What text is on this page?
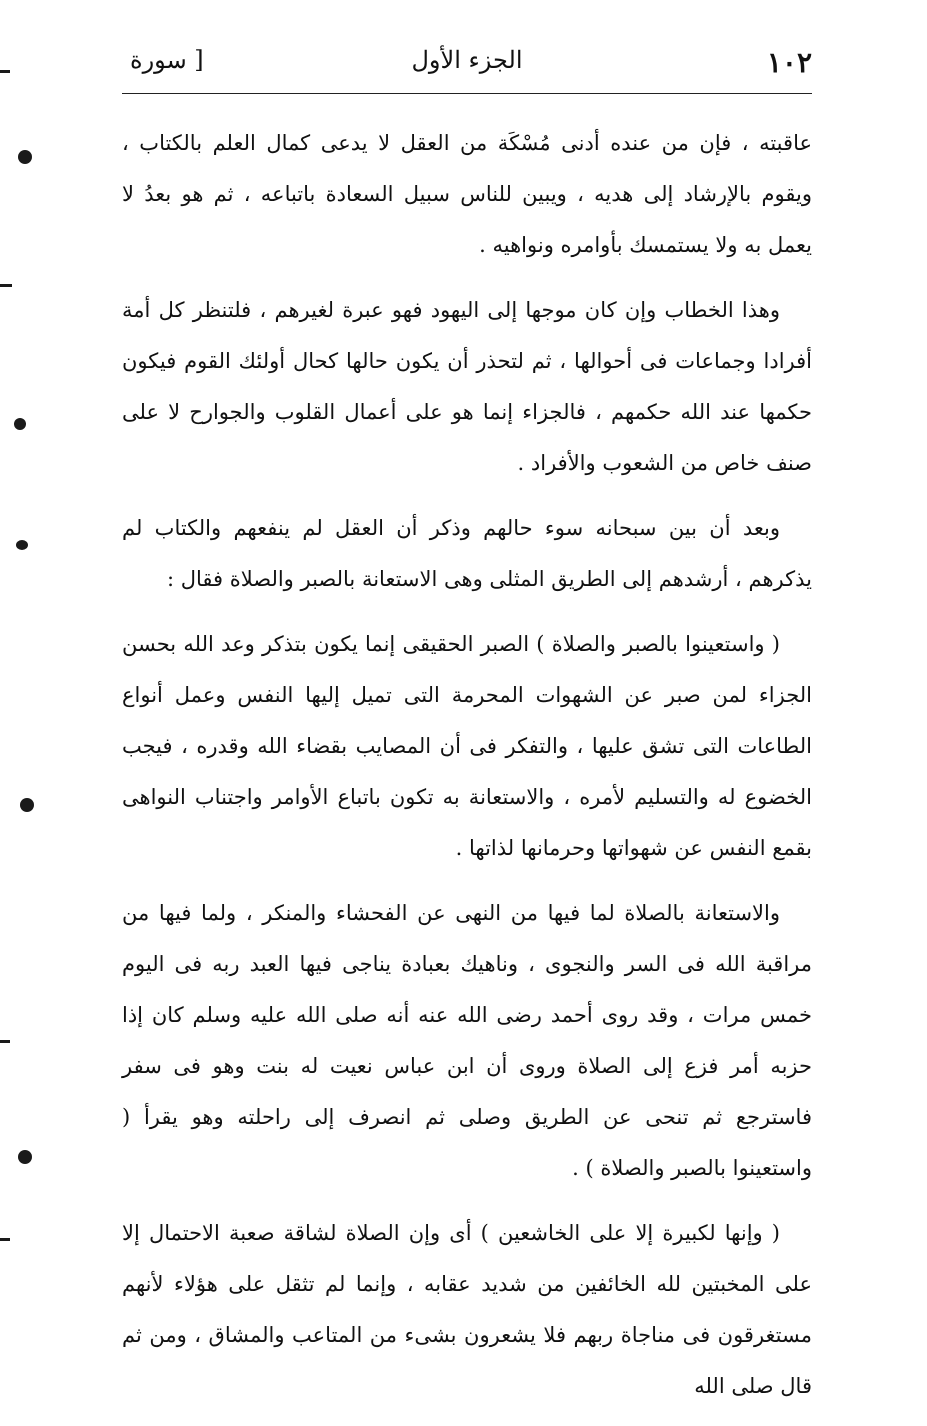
١٠٢
الجزء الأول
[ سورة

عاقبته ، فإن من عنده أدنى مُسْكَة من العقل لا يدعى كمال العلم بالكتاب ، ويقوم بالإرشاد إلى هديه ، ويبين للناس سبيل السعادة باتباعه ، ثم هو بعدُ لا يعمل به ولا يستمسك بأوامره ونواهيه .

وهذا الخطاب وإن كان موجها إلى اليهود فهو عبرة لغيرهم ، فلتنظر كل أمة أفرادا وجماعات فى أحوالها ، ثم لتحذر أن يكون حالها كحال أولئك القوم فيكون حكمها عند الله حكمهم ، فالجزاء إنما هو على أعمال القلوب والجوارح لا على صنف خاص من الشعوب والأفراد .

وبعد أن بين سبحانه سوء حالهم وذكر أن العقل لم ينفعهم والكتاب لم يذكرهم ، أرشدهم إلى الطريق المثلى وهى الاستعانة بالصبر والصلاة فقال :

( واستعينوا بالصبر والصلاة ) الصبر الحقيقى إنما يكون بتذكر وعد الله بحسن الجزاء لمن صبر عن الشهوات المحرمة التى تميل إليها النفس وعمل أنواع الطاعات التى تشق عليها ، والتفكر فى أن المصايب بقضاء الله وقدره ، فيجب الخضوع له والتسليم لأمره ، والاستعانة به تكون باتباع الأوامر واجتناب النواهى بقمع النفس عن شهواتها وحرمانها لذاتها .

والاستعانة بالصلاة لما فيها من النهى عن الفحشاء والمنكر ، ولما فيها من مراقبة الله فى السر والنجوى ، وناهيك بعبادة يناجى فيها العبد ربه فى اليوم خمس مرات ، وقد روى أحمد رضى الله عنه أنه صلى الله عليه وسلم كان إذا حزبه أمر فزع إلى الصلاة وروى أن ابن عباس نعيت له بنت وهو فى سفر فاسترجع ثم تنحى عن الطريق وصلى ثم انصرف إلى راحلته وهو يقرأ ( واستعينوا بالصبر والصلاة ) .

( وإنها لكبيرة إلا على الخاشعين ) أى وإن الصلاة لشاقة صعبة الاحتمال إلا على المخبتين لله الخائفين من شديد عقابه ، وإنما لم تثقل على هؤلاء لأنهم مستغرقون فى مناجاة ربهم فلا يشعرون بشىء من المتاعب والمشاق ، ومن ثم قال صلى الله
